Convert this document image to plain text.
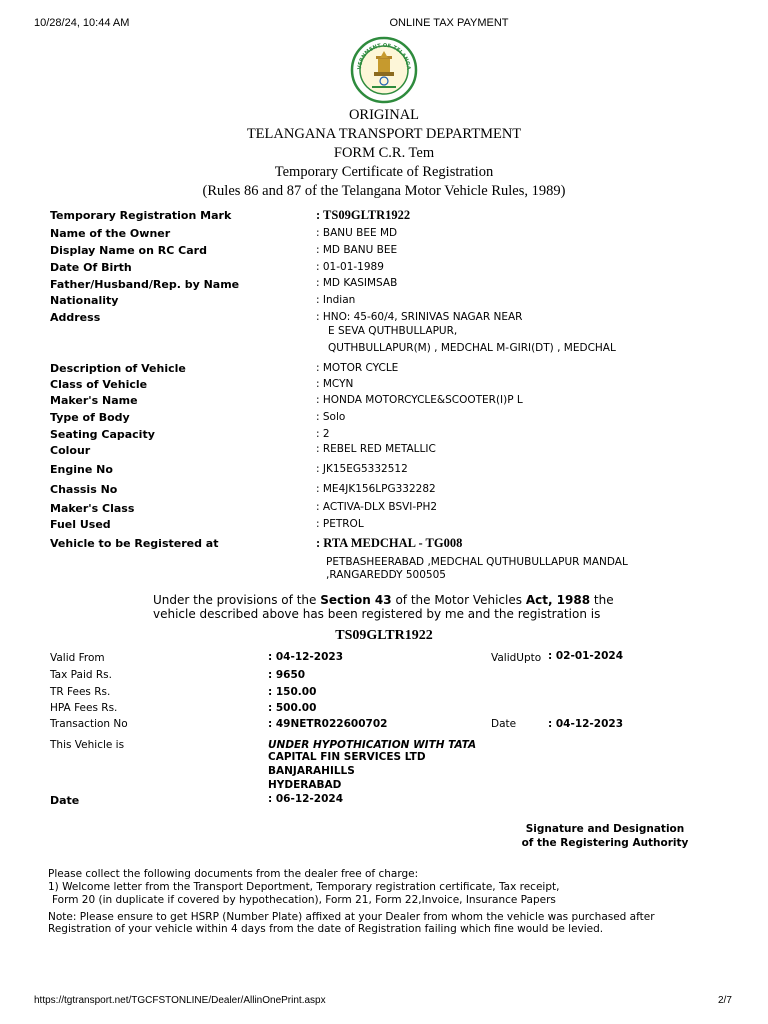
10/28/24, 10:44 AM	ONLINE TAX PAYMENT
VERNMENT OF TELANGA
ORIGINAL
TELANGANA TRANSPORT DEPARTMENT
FORM C.R. Tem
Temporary Certificate of Registration
(Rules 86 and 87 of the Telangana Motor Vehicle Rules, 1989)
Temporary Registration Mark	: TS09GLTR1922
Name of the Owner	: BANU BEE MD
Display Name on RC Card	: MD BANU BEE
Date Of Birth	: 01-01-1989
Father/Husband/Rep. by Name	: MD KASIMSAB
Nationality	: Indian
Address	: HNO: 45-60/4, SRINIVAS NAGAR NEAR
E SEVA QUTHBULLAPUR,
QUTHBULLAPUR(M) , MEDCHAL M-GIRI(DT) , MEDCHAL
Description of Vehicle	: MOTOR CYCLE
Class of Vehicle	: MCYN
Maker's Name	: HONDA MOTORCYCLE&SCOOTER(I)P L
Type of Body	: Solo
Seating Capacity	: 2
Colour	: REBEL RED METALLIC
Engine No	: JK15EG5332512
Chassis No	: ME4JK156LPG332282
Maker's Class	: ACTIVA-DLX BSVI-PH2
Fuel Used	: PETROL
Vehicle to be Registered at	: RTA MEDCHAL - TG008
PETBASHEERABAD ,MEDCHAL QUTHUBULLAPUR MANDAL
,RANGAREDDY 500505
Under the provisions of the Section 43 of the Motor Vehicles Act, 1988 the
vehicle described above has been registered by me and the registration is
TS09GLTR1922
Valid From	: 04-12-2023	ValidUpto : 02-01-2024
Tax Paid Rs.	: 9650
TR Fees Rs.	: 150.00
HPA Fees Rs.	: 500.00
Transaction No	: 49NETR022600702	Date	: 04-12-2023
This Vehicle is	UNDER HYPOTHICATION WITH TATA
CAPITAL FIN SERVICES LTD
BANJARAHILLS
HYDERABAD
Date	: 06-12-2024
Signature and Designation
of the Registering Authority
Please collect the following documents from the dealer free of charge:
1) Welcome letter from the Transport Deportment, Temporary registration certificate, Tax receipt,
Form 20 (in duplicate if covered by hypothecation), Form 21, Form 22,Invoice, Insurance Papers
Note: Please ensure to get HSRP (Number Plate) affixed at your Dealer from whom the vehicle was purchased after
Registration of your vehicle within 4 days from the date of Registration failing which fine would be levied.
https://tgtransport.net/TGCFSTONLINE/Dealer/AllinOnePrint.aspx	2/7
